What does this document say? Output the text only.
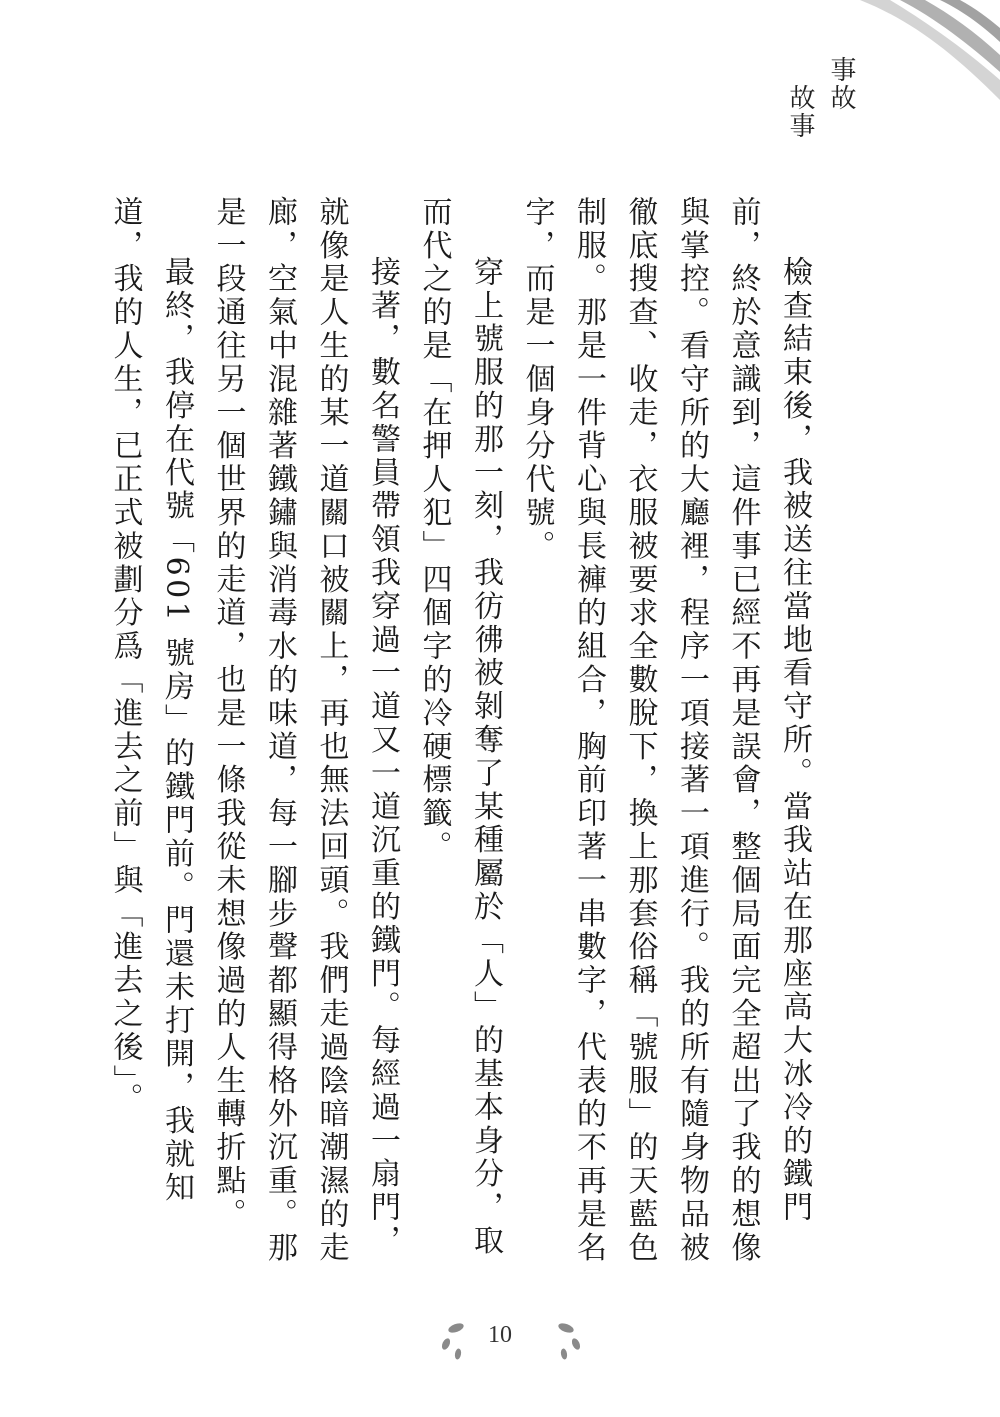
事故
故事

檢查結束後，我被送往當地看守所。當我站在那座高大冰冷的鐵門前，終於意識到，這件事已經不再是誤會，整個局面完全超出了我的想像與掌控。看守所的大廳裡，程序一項接著一項進行。我的所有隨身物品被徹底搜查、收走，衣服被要求全數脫下，換上那套俗稱「號服」的天藍色制服。那是一件背心與長褲的組合，胸前印著一串數字，代表的不再是名字，而是一個身分代號。

穿上號服的那一刻，我彷彿被剝奪了某種屬於「人」的基本身分，取而代之的是「在押人犯」四個字的冷硬標籤。

接著，數名警員帶領我穿過一道又一道沉重的鐵門。每經過一扇門，就像是人生的某一道關口被關上，再也無法回頭。我們走過陰暗潮濕的走廊，空氣中混雜著鐵鏽與消毒水的味道，每一腳步聲都顯得格外沉重。那是一段通往另一個世界的走道，也是一條我從未想像過的人生轉折點。

最終，我停在代號「601 號房」的鐵門前。門還未打開，我就知道，我的人生，已正式被劃分爲「進去之前」與「進去之後」。

10
